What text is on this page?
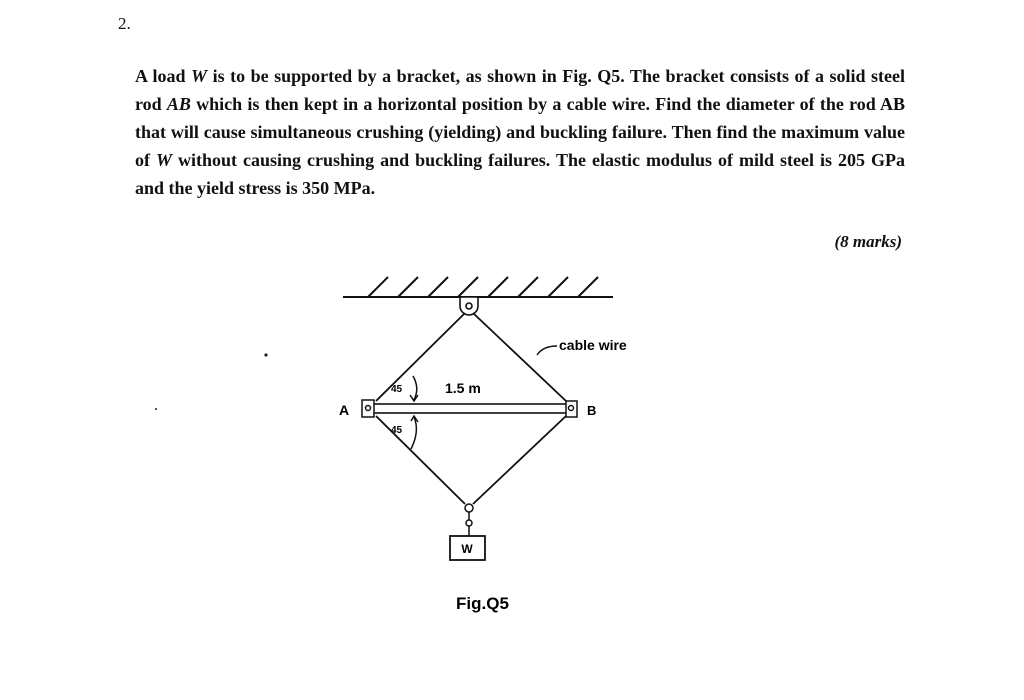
2.

A load W is to be supported by a bracket, as shown in Fig. Q5. The bracket consists of a solid steel rod AB which is then kept in a horizontal position by a cable wire. Find the diameter of the rod AB that will cause simultaneous crushing (yielding) and buckling failure. Then find the maximum value of W without causing crushing and buckling failures. The elastic modulus of mild steel is 205 GPa and the yield stress is 350 MPa.

(8 marks)
W
45
45
1.5 m
A	B
cable wire
Fig.Q5
